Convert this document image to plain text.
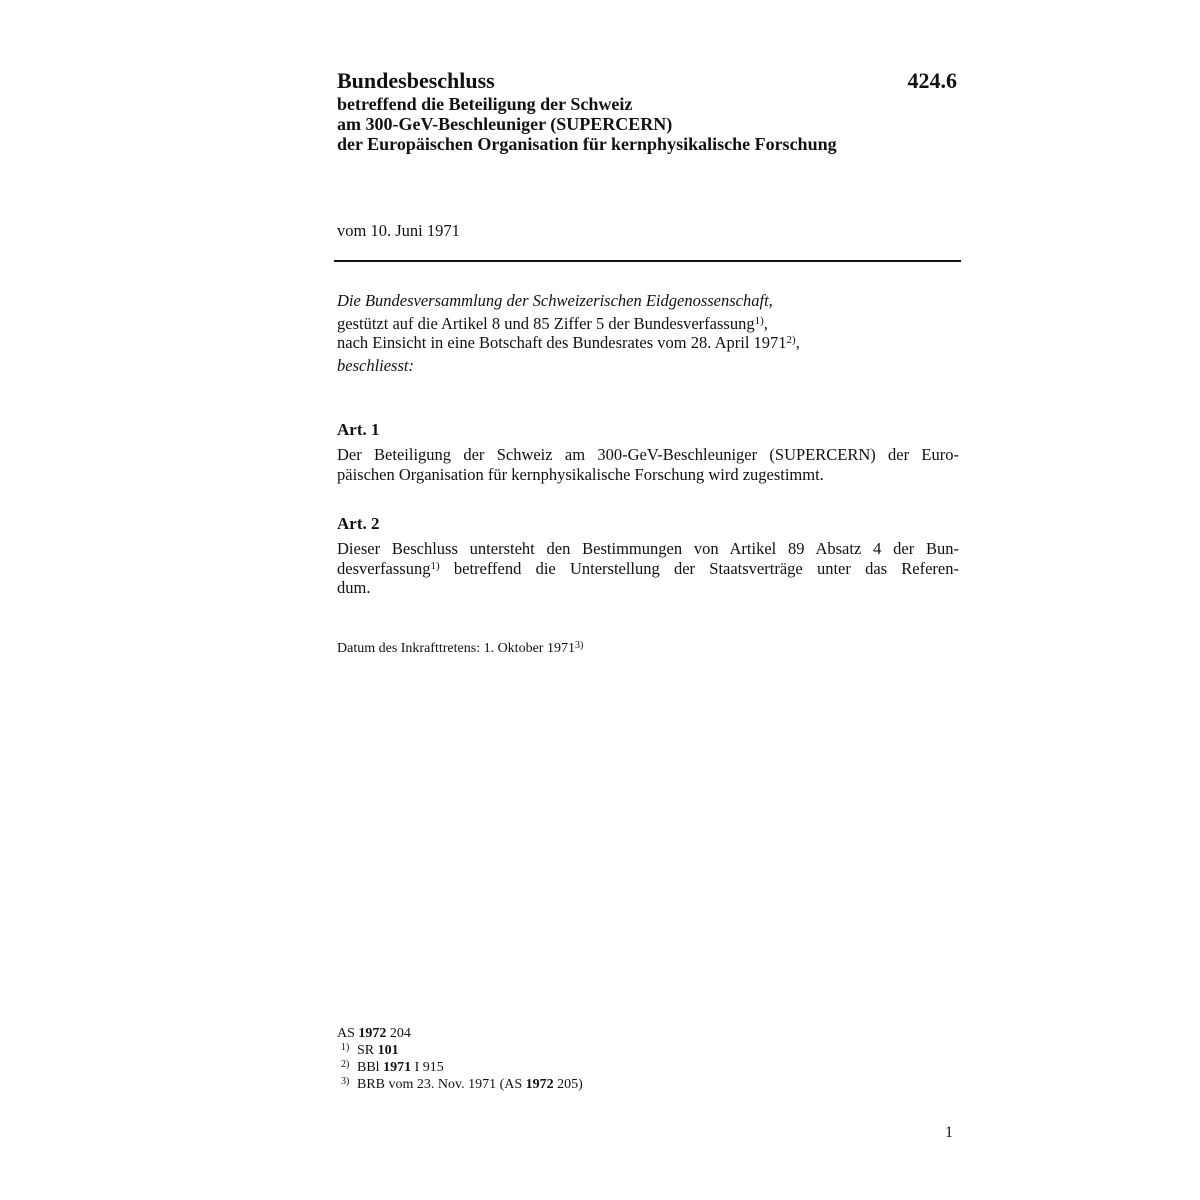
Bundesbeschluss	424.6
betreffend die Beteiligung der Schweiz
am 300-GeV-Beschleuniger (SUPERCERN)
der Europäischen Organisation für kernphysikalische Forschung
vom 10. Juni 1971
Die Bundesversammlung der Schweizerischen Eidgenossenschaft,
gestützt auf die Artikel 8 und 85 Ziffer 5 der Bundesverfassung$^{1)}$,
nach Einsicht in eine Botschaft des Bundesrates vom 28. April 1971$^{2)}$,
beschliesst:
Art. 1
Der Beteiligung der Schweiz am 300-GeV-Beschleuniger (SUPERCERN) der Euro-
päischen Organisation für kernphysikalische Forschung wird zugestimmt.
Art. 2
Dieser Beschluss untersteht den Bestimmungen von Artikel 89 Absatz 4 der Bun-
desverfassung$^{1)}$ betreffend die Unterstellung der Staatsverträge unter das Referen-
dum.
Datum des Inkrafttretens: 1. Oktober 1971$^{3)}$
AS 1972 204
1) SR 101
2) BBl 1971 I 915
3) BRB vom 23. Nov. 1971 (AS 1972 205)
1
